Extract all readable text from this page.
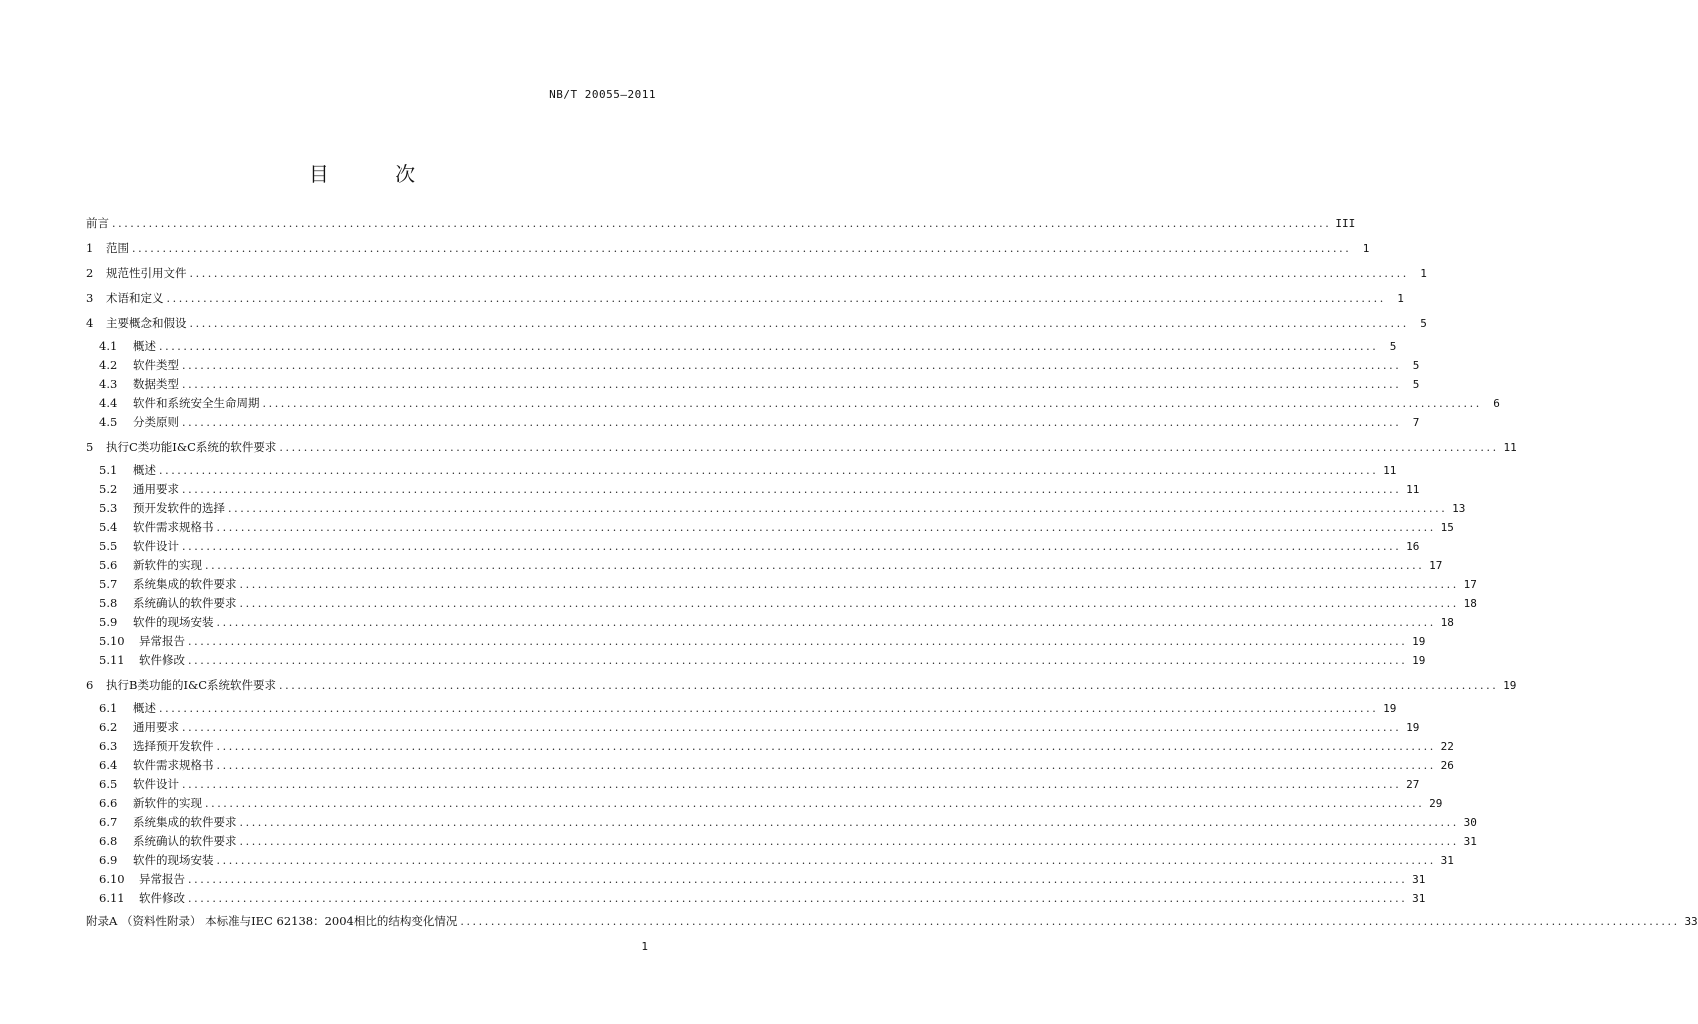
NB/T 20055—2011
目 次
前言 ........................................................................................................................................................................................................ III
1 范围 ........................................................................................................................................................................................................	1
2 规范性引用文件 ........................................................................................................................................................................................................	1
3 术语和定义 ........................................................................................................................................................................................................	1
4 主要概念和假设 ........................................................................................................................................................................................................	5
4.1 概述 ........................................................................................................................................................................................................	5
4.2 软件类型 ........................................................................................................................................................................................................	5
4.3 数据类型 ........................................................................................................................................................................................................	5
4.4 软件和系统安全生命周期 ........................................................................................................................................................................................................	6
4.5 分类原则 ........................................................................................................................................................................................................	7
5 执行C类功能I&C系统的软件要求 ........................................................................................................................................................................................................ 11
5.1 概述 ........................................................................................................................................................................................................ 11
5.2 通用要求 ........................................................................................................................................................................................................ 11
5.3 预开发软件的选择 ........................................................................................................................................................................................................ 13
5.4 软件需求规格书 ........................................................................................................................................................................................................ 15
5.5 软件设计 ........................................................................................................................................................................................................ 16
5.6 新软件的实现 ........................................................................................................................................................................................................ 17
5.7 系统集成的软件要求 ........................................................................................................................................................................................................ 17
5.8 系统确认的软件要求 ........................................................................................................................................................................................................ 18
5.9 软件的现场安装 ........................................................................................................................................................................................................ 18
5.10 异常报告 ........................................................................................................................................................................................................ 19
5.11 软件修改 ........................................................................................................................................................................................................ 19
6 执行B类功能的I&C系统软件要求 ........................................................................................................................................................................................................ 19
6.1 概述 ........................................................................................................................................................................................................ 19
6.2 通用要求 ........................................................................................................................................................................................................ 19
6.3 选择预开发软件 ........................................................................................................................................................................................................ 22
6.4 软件需求规格书 ........................................................................................................................................................................................................ 26
6.5 软件设计 ........................................................................................................................................................................................................ 27
6.6 新软件的实现 ........................................................................................................................................................................................................ 29
6.7 系统集成的软件要求 ........................................................................................................................................................................................................ 30
6.8 系统确认的软件要求 ........................................................................................................................................................................................................ 31
6.9 软件的现场安装 ........................................................................................................................................................................................................ 31
6.10 异常报告 ........................................................................................................................................................................................................ 31
6.11 软件修改 ........................................................................................................................................................................................................ 31
附录A （资料性附录） 本标准与IEC 62138：2004相比的结构变化情况 ........................................................................................................................................................................................................ 33
1
